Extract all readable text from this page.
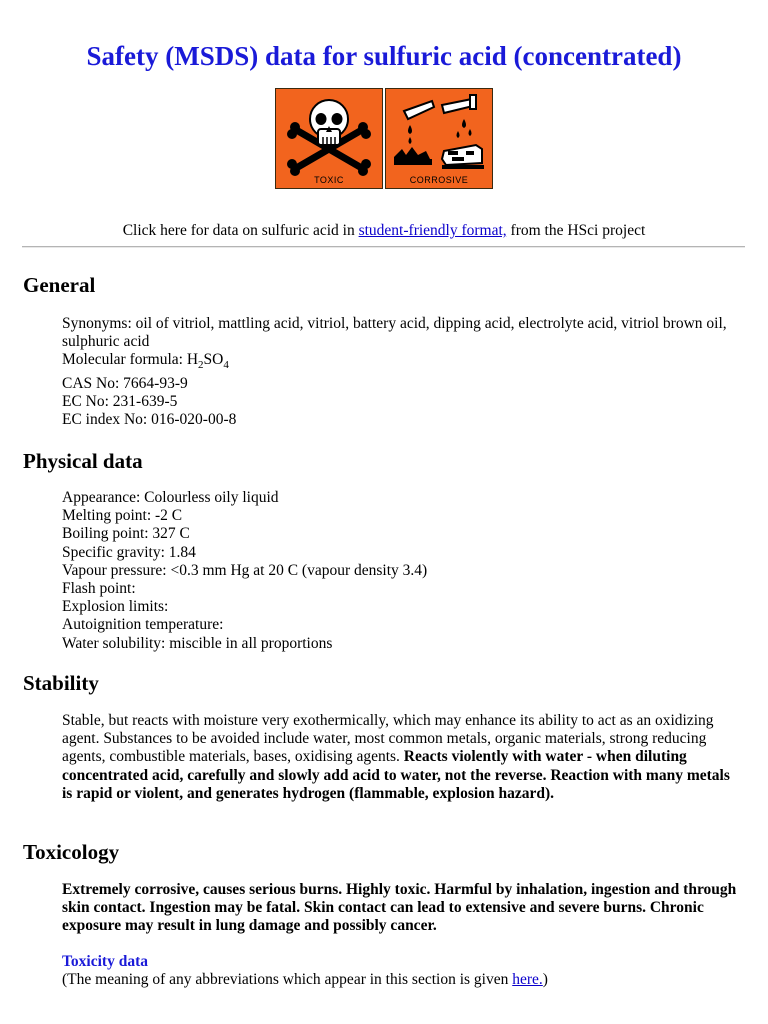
Safety (MSDS) data for sulfuric acid (concentrated)
TOXIC	CORROSIVE
Click here for data on sulfuric acid in student-friendly format, from the HSci project
General

Synonyms: oil of vitriol, mattling acid, vitriol, battery acid, dipping acid, electrolyte acid, vitriol brown oil, sulphuric acid

Molecular formula: $H_2SO_4$

CAS No: 7664-93-9

EC No: 231-639-5

EC index No: 016-020-00-8

Physical data
Appearance: Colourless oily liquid
Melting point: -2 C
Boiling point: 327 C
Specific gravity: 1.84
Vapour pressure: <0.3 mm Hg at 20 C (vapour density 3.4)
Flash point:
Explosion limits:
Autoignition temperature:
Water solubility: miscible in all proportions
Stability

Stable, but reacts with moisture very exothermically, which may enhance its ability to act as an oxidizing agent. Substances to be avoided include water, most common metals, organic materials, strong reducing agents, combustible materials, bases, oxidising agents. Reacts violently with water - when diluting concentrated acid, carefully and slowly add acid to water, not the reverse. Reaction with many metals is rapid or violent, and generates hydrogen (flammable, explosion hazard).

Toxicology

Extremely corrosive, causes serious burns. Highly toxic. Harmful by inhalation, ingestion and through skin contact. Ingestion may be fatal. Skin contact can lead to extensive and severe burns. Chronic exposure may result in lung damage and possibly cancer.

Toxicity data

(The meaning of any abbreviations which appear in this section is given here.)
